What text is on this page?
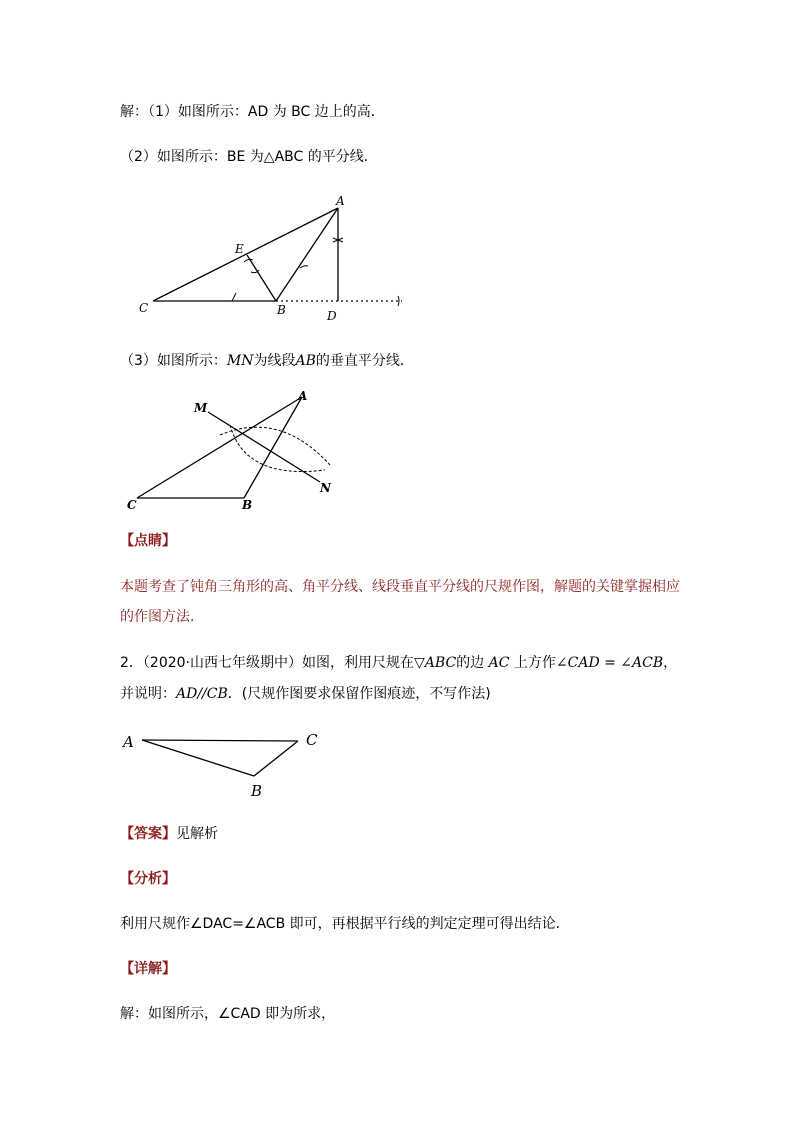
解：（1）如图所示：AD 为 BC 边上的高．
（2）如图所示：BE 为△ABC 的平分线．
A
E
C	B	D
（3）如图所示：MN为线段AB的垂直平分线．
M
A
N
C	B
【点睛】
本题考查了钝角三角形的高、角平分线、线段垂直平分线的尺规作图，解题的关键掌握相应
的作图方法．
2．（2020·山西七年级期中）如图，利用尺规在▽ABC的边 AC 上方作∠CAD = ∠ACB，
并说明：AD//CB．(尺规作图要求保留作图痕迹，不写作法)
A	C
B
【答案】见解析
【分析】
利用尺规作∠DAC=∠ACB 即可，再根据平行线的判定定理可得出结论．
【详解】
解：如图所示，∠CAD 即为所求，
